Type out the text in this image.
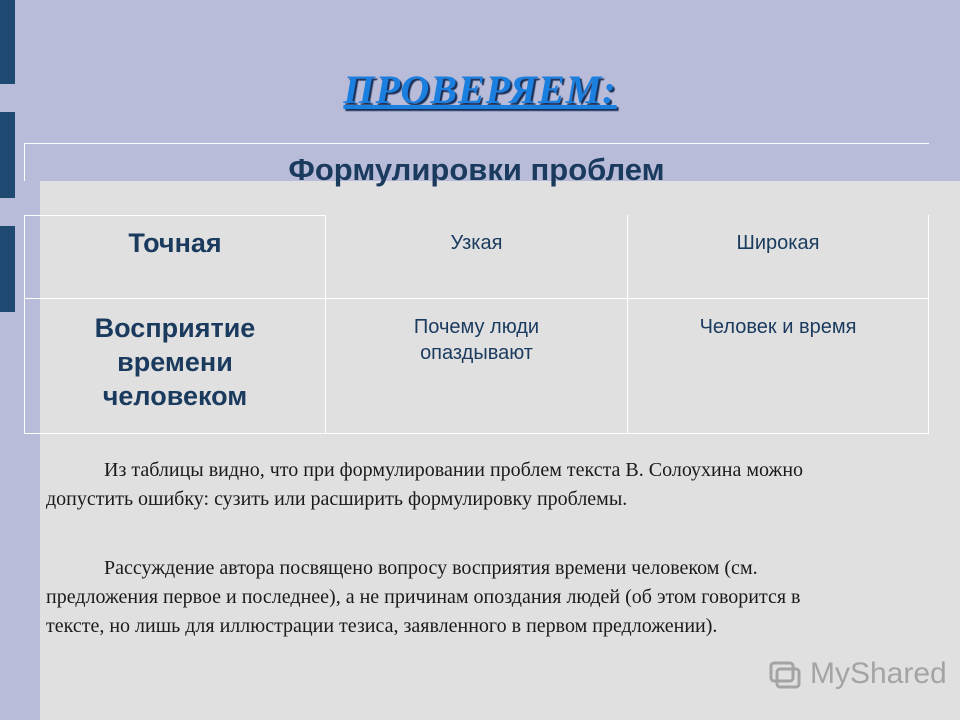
ПРОВЕРЯЕМ:
Формулировки проблем
Точная	Узкая	Широкая
Восприятие времени человеком
Почему люди опаздывают
Человек и время

Из таблицы видно, что при формулировании проблем текста В. Солоухина можно допустить ошибку: сузить или расширить формулировку проблемы.

Рассуждение автора посвящено вопросу восприятия времени человеком (см. предложения первое и последнее), а не причинам опоздания людей (об этом говорится в тексте, но лишь для иллюстрации тезиса, заявленного в первом предложении).

MyShared
